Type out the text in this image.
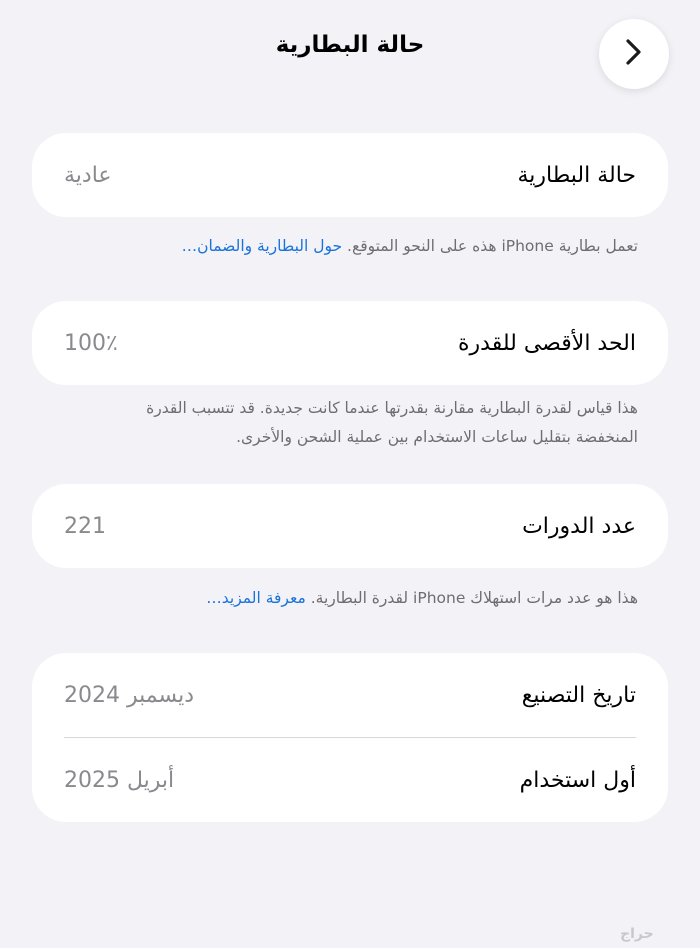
حالة البطارية
حالة البطارية
عادية
تعمل بطارية iPhone هذه على النحو المتوقع. حول البطارية والضمان…
الحد الأقصى للقدرة
100٪
هذا قياس لقدرة البطارية مقارنة بقدرتها عندما كانت جديدة. قد تتسبب القدرة
المنخفضة بتقليل ساعات الاستخدام بين عملية الشحن والأخرى.
عدد الدورات
221
هذا هو عدد مرات استهلاك iPhone لقدرة البطارية. معرفة المزيد…
تاريخ التصنيع
ديسمبر 2024
أول استخدام
أبريل 2025
حراج
